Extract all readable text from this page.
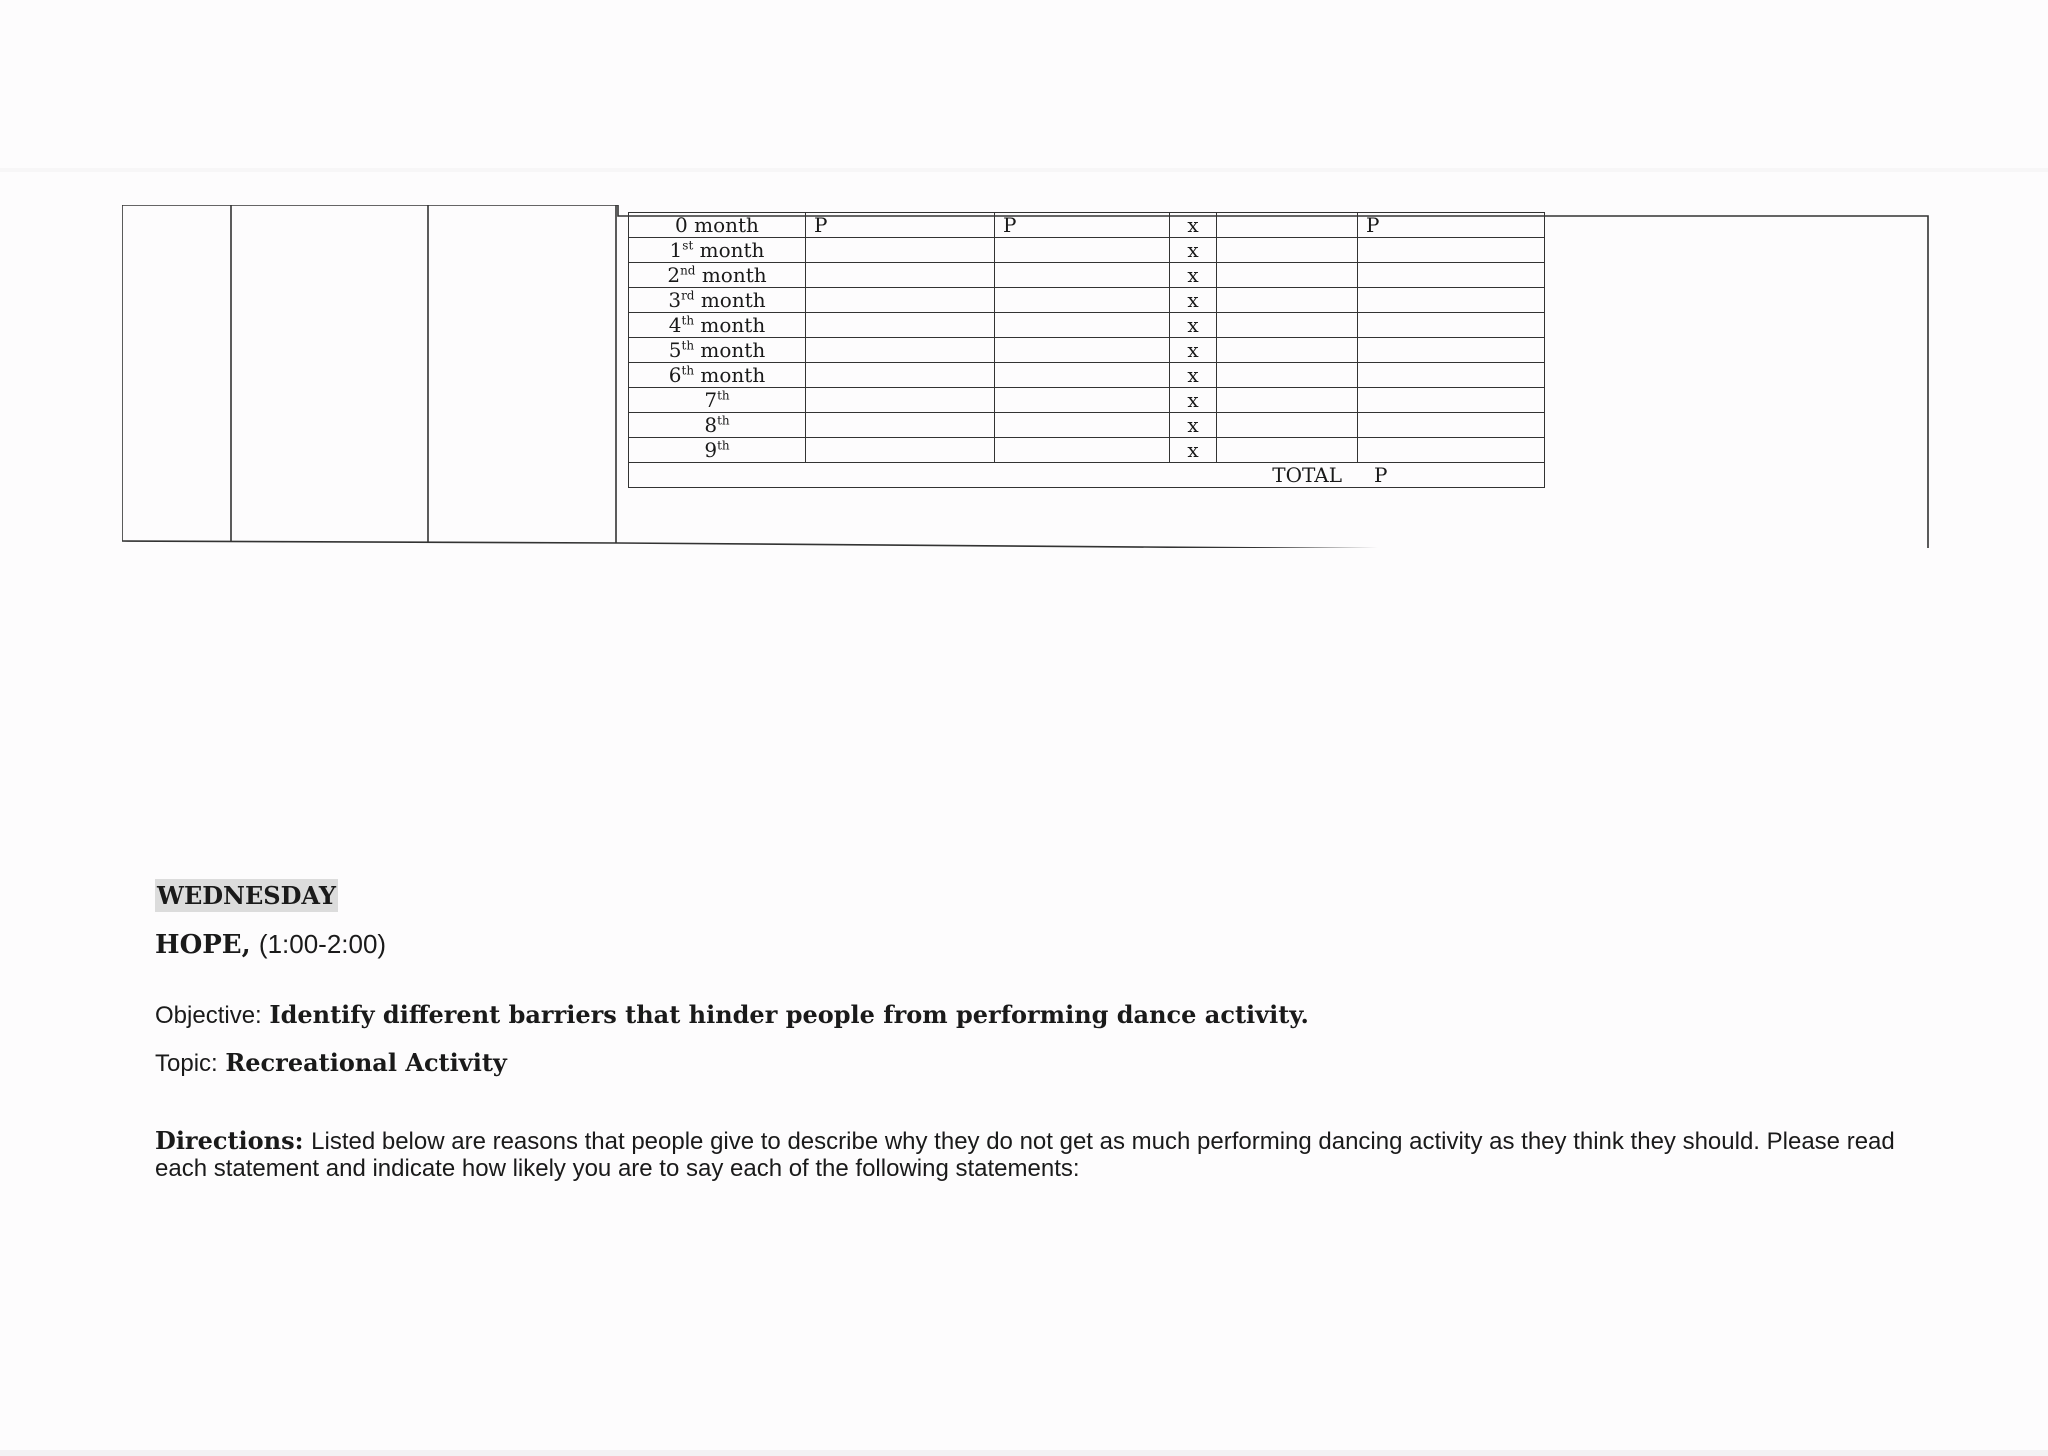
0 month	P	P	x		P
1st month			x		
2nd month			x		
3rd month			x		
4th month			x		
5th month			x		
6th month			x		
7th			x		
8th			x		
9th			x		
TOTAL P					
WEDNESDAY
HOPE, (1:00-2:00)
Objective: Identify different barriers that hinder people from performing dance activity.
Topic: Recreational Activity
Directions: Listed below are reasons that people give to describe why they do not get as much performing dancing activity as they think they should. Please read each statement and indicate how likely you are to say each of the following statements:
